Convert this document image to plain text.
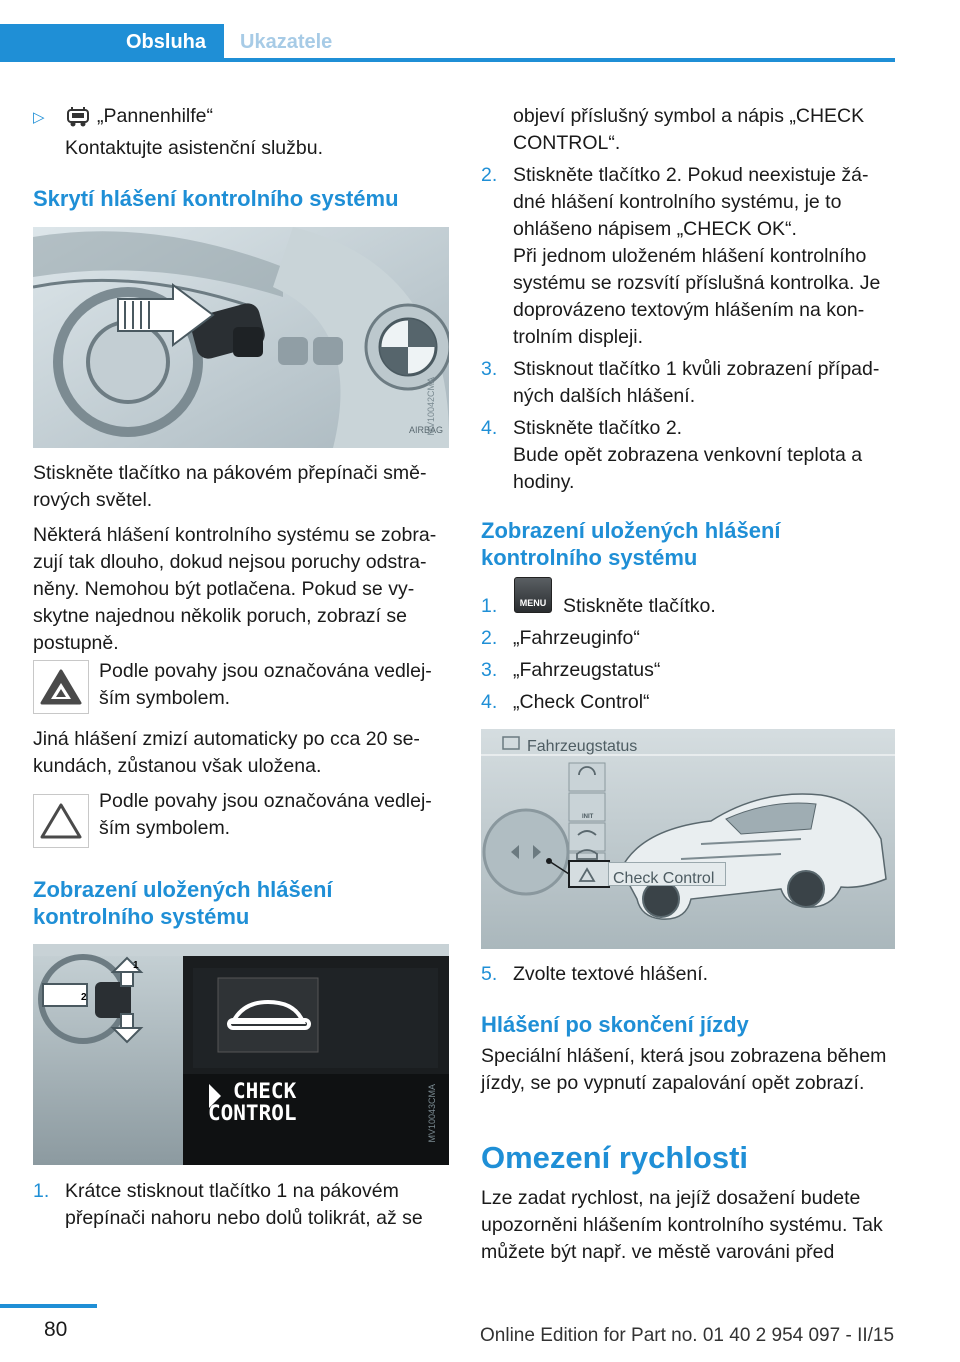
Obsluha Ukazatele
▷	„Pannenhilfe“
Kontaktujte asistenční službu.
Skrytí hlášení kontrolního systému
MV10042CMA
AIRBAG
Stiskněte tlačítko na pákovém přepínači smě‐
rových světel.
Některá hlášení kontrolního systému se zobra‐
zují tak dlouho, dokud nejsou poruchy odstra‐
něny. Nemohou být potlačena. Pokud se vy‐
skytne najednou několik poruch, zobrazí se
postupně.
Podle povahy jsou označována vedlej‐
ším symbolem.
Jiná hlášení zmizí automaticky po cca 20 se‐
kundách, zůstanou však uložena.
Podle povahy jsou označována vedlej‐
ším symbolem.
Zobrazení uložených hlášení
kontrolního systému
1
2
CHECK
CONTROL	MV10043CMA
1. Krátce stisknout tlačítko 1 na pákovém
přepínači nahoru nebo dolů tolikrát, až se
objeví příslušný symbol a nápis „CHECK
CONTROL“.
2. Stiskněte tlačítko 2. Pokud neexistuje žá‐
dné hlášení kontrolního systému, je to
ohlášeno nápisem „CHECK OK“.
Při jednom uloženém hlášení kontrolního
systému se rozsvítí příslušná kontrolka. Je
doprovázeno textovým hlášením na kon‐
trolním displeji.
3. Stisknout tlačítko 1 kvůli zobrazení případ‐
ných dalších hlášení.
4. Stiskněte tlačítko 2.
Bude opět zobrazena venkovní teplota a
hodiny.
Zobrazení uložených hlášení
kontrolního systému
1.	MENU Stiskněte tlačítko.
2. „Fahrzeuginfo“
3. „Fahrzeugstatus“
4. „Check Control“
Fahrzeugstatus
INIT
Check Control
5. Zvolte textové hlášení.
Hlášení po skončení jízdy
Speciální hlášení, která jsou zobrazena během
jízdy, se po vypnutí zapalování opět zobrazí.
Omezení rychlosti
Lze zadat rychlost, na jejíž dosažení budete
upozorněni hlášením kontrolního systému. Tak
můžete být např. ve městě varováni před
80	Online Edition for Part no. 01 40 2 954 097 - II/15
